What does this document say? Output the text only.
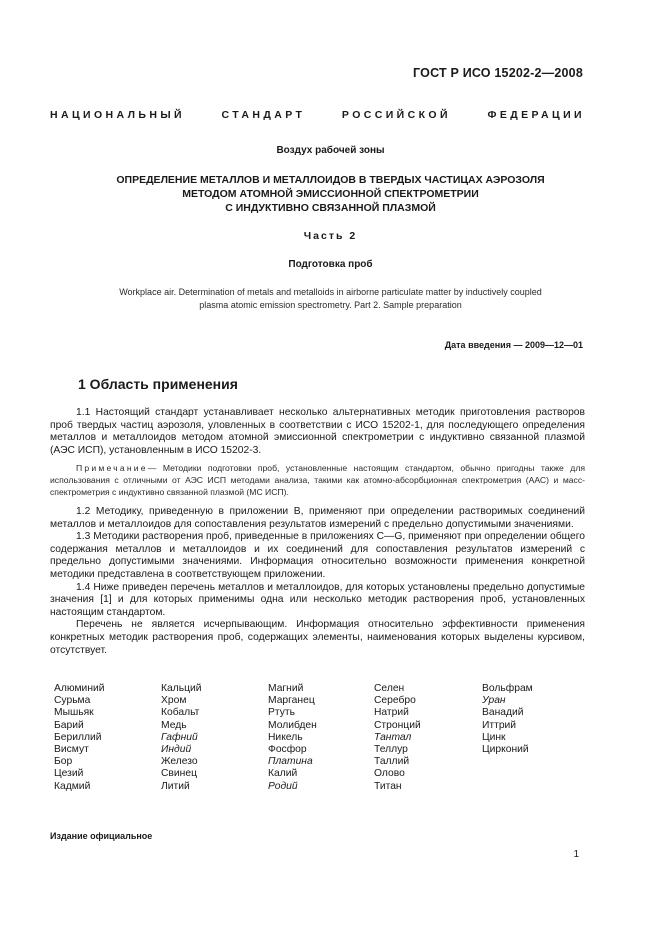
ГОСТ Р ИСО 15202-2—2008
НАЦИОНАЛЬНЫЙ СТАНДАРТ РОССИЙСКОЙ ФЕДЕРАЦИИ
Воздух рабочей зоны
ОПРЕДЕЛЕНИЕ МЕТАЛЛОВ И МЕТАЛЛОИДОВ В ТВЕРДЫХ ЧАСТИЦАХ АЭРОЗОЛЯ
МЕТОДОМ АТОМНОЙ ЭМИССИОННОЙ СПЕКТРОМЕТРИИ
С ИНДУКТИВНО СВЯЗАННОЙ ПЛАЗМОЙ
Часть 2
Подготовка проб
Workplace air. Determination of metals and metalloids in airborne particulate matter by inductively coupled
plasma atomic emission spectrometry. Part 2. Sample preparation
Дата введения — 2009—12—01
1 Область применения

1.1 Настоящий стандарт устанавливает несколько альтернативных методик приготовления растворов проб твердых частиц аэрозоля, уловленных в соответствии с ИСО 15202-1, для последующего определения металлов и металлоидов методом атомной эмиссионной спектрометрии с индуктивно связанной плазмой (АЭС ИСП), установленным в ИСО 15202-3.

Примечание— Методики подготовки проб, установленные настоящим стандартом, обычно пригодны также для использования с отличными от АЭС ИСП методами анализа, такими как атомно-абсорбционная спектрометрия (ААС) и масс-спектрометрия с индуктивно связанной плазмой (МС ИСП).

1.2 Методику, приведенную в приложении В, применяют при определении растворимых соединений металлов и металлоидов для сопоставления результатов измерений с предельно допустимыми значениями.

1.3 Методики растворения проб, приведенные в приложениях С—G, применяют при определении общего содержания металлов и металлоидов и их соединений для сопоставления результатов измерений с предельно допустимыми значениями. Информация относительно возможности применения конкретной методики представлена в соответствующем приложении.

1.4 Ниже приведен перечень металлов и металлоидов, для которых установлены предельно допустимые значения [1] и для которых применимы одна или несколько методик растворения проб, установленных настоящим стандартом.

Перечень не является исчерпывающим. Информация относительно эффективности применения конкретных методик растворения проб, содержащих элементы, наименования которых выделены курсивом, отсутствует.

Алюминий
Сурьма
Мышьяк
Барий
Бериллий
Висмут
Бор
Цезий
Кадмий
Кальций
Хром
Кобальт
Медь
Гафний
Индий
Железо
Свинец
Литий
Магний
Марганец
Ртуть
Молибден
Никель
Фосфор
Платина
Калий
Родий
Селен
Серебро
Натрий
Стронций
Тантал
Теллур
Таллий
Олово
Титан
Вольфрам
Уран
Ванадий
Иттрий
Цинк
Цирконий
Издание официальное
1
